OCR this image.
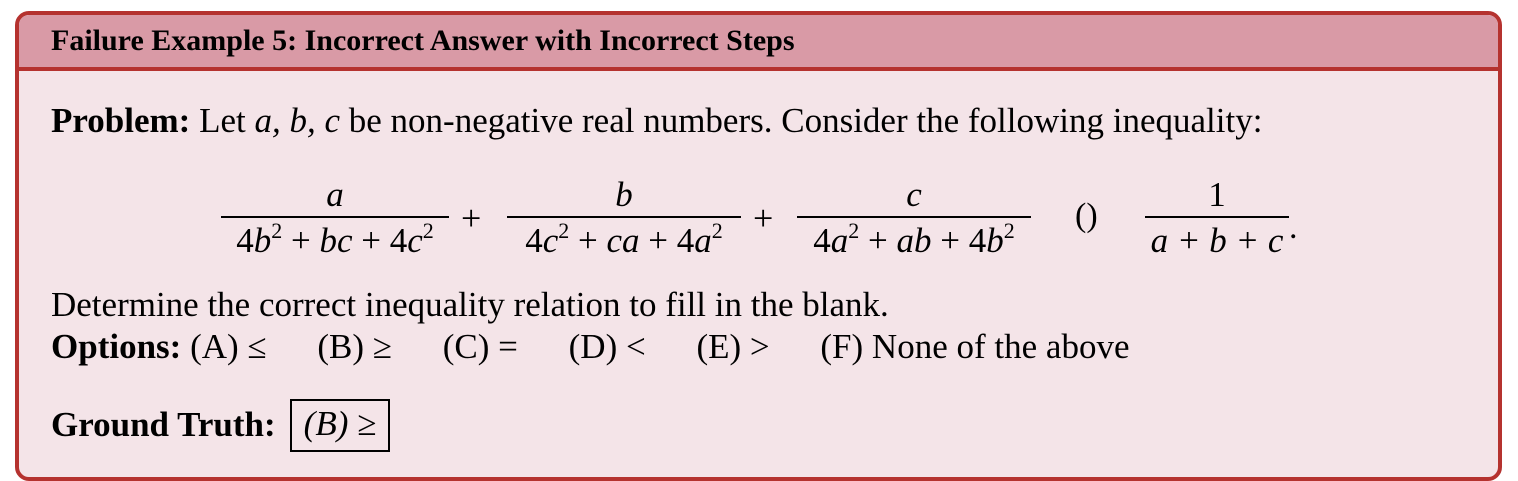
Failure Example 5: Incorrect Answer with Incorrect Steps
Problem: Let a, b, c be non-negative real numbers. Consider the following inequality:
a
$4b^2$ + bc + $4c^2$ +
b
$4c^2$ + ca + $4a^2$ +
c
$4a^2$ + ab + $4b^2$	()
1
a + b + c .
Determine the correct inequality relation to fill in the blank.
Options: (A) ≤ (B) ≥ (C) = (D) < (E) > (F) None of the above
Ground Truth: (B) ≥
